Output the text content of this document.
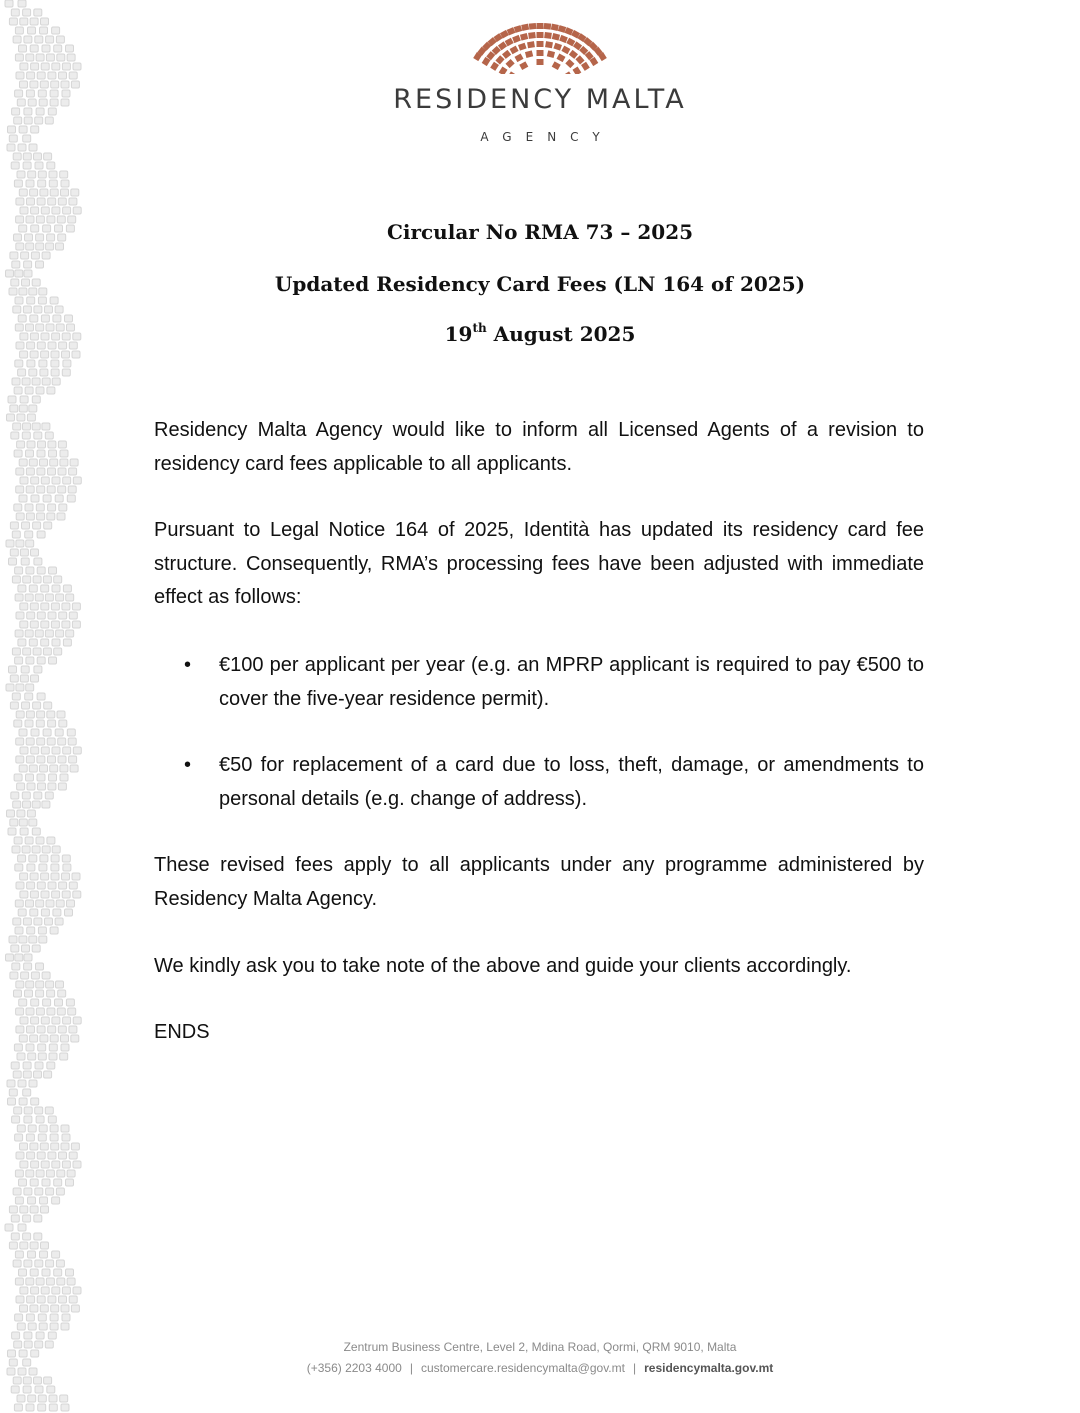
RESIDENCY MALTA
AGENCY
Circular No RMA 73 – 2025
Updated Residency Card Fees (LN 164 of 2025)
19th August 2025

Residency Malta Agency would like to inform all Licensed Agents of a revision to residency card fees applicable to all applicants.

Pursuant to Legal Notice 164 of 2025, Identità has updated its residency card fee structure. Consequently, RMA’s processing fees have been adjusted with immediate effect as follows:

• €100 per applicant per year (e.g. an MPRP applicant is required to pay €500 to cover the five-year residence permit).
• €50 for replacement of a card due to loss, theft, damage, or amendments to personal details (e.g. change of address).

These revised fees apply to all applicants under any programme administered by Residency Malta Agency.

We kindly ask you to take note of the above and guide your clients accordingly.

ENDS

Zentrum Business Centre, Level 2, Mdina Road, Qormi, QRM 9010, Malta
(+356) 2203 4000 | customercare.residencymalta@gov.mt | residencymalta.gov.mt
